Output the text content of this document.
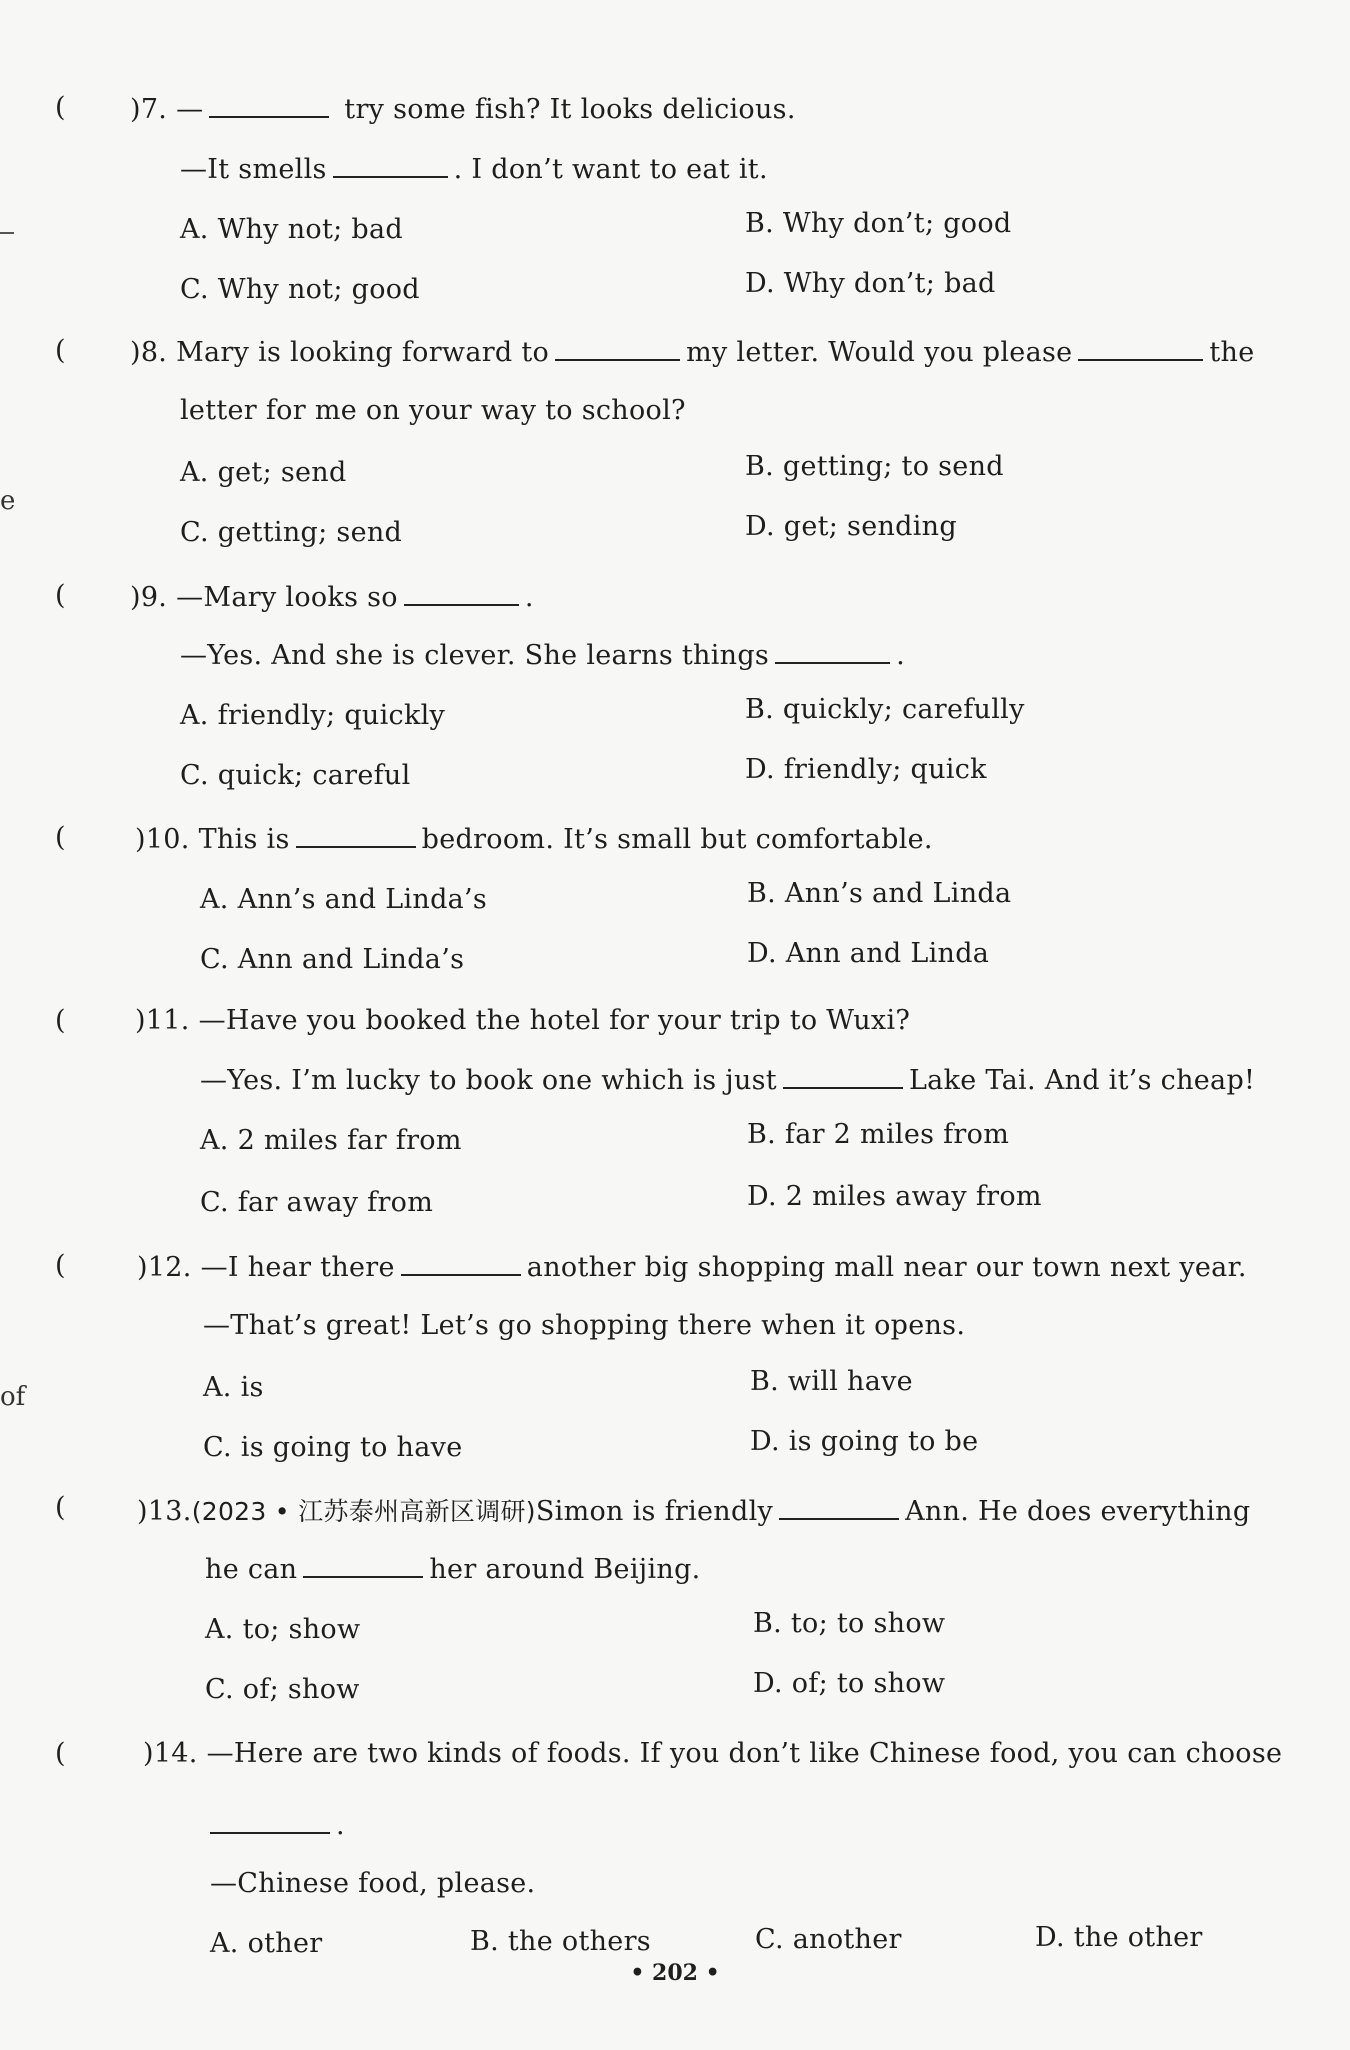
e
of
( )7. —	try some fish? It looks delicious.
—It smells	. I don’t want to eat it.
A. Why not; bad	B. Why don’t; good
C. Why not; good	D. Why don’t; bad
( )8. Mary is looking forward to	my letter. Would you please	the
letter for me on your way to school?
A. get; send	B. getting; to send
C. getting; send	D. get; sending
( )9. —Mary looks so	.
—Yes. And she is clever. She learns things	.
A. friendly; quickly	B. quickly; carefully
C. quick; careful	D. friendly; quick
(	)10. This is	bedroom. It’s small but comfortable.
A. Ann’s and Linda’s	B. Ann’s and Linda
C. Ann and Linda’s	D. Ann and Linda
(	)11. —Have you booked the hotel for your trip to Wuxi?
—Yes. I’m lucky to book one which is just	Lake Tai. And it’s cheap!
A. 2 miles far from	B. far 2 miles from
C. far away from	D. 2 miles away from
(	)12. —I hear there	another big shopping mall near our town next year.
—That’s great! Let’s go shopping there when it opens.
A. is	B. will have
C. is going to have	D. is going to be
(	)13.(2023 • 江苏泰州高新区调研)Simon is friendly	Ann. He does everything
he can	her around Beijing.
A. to; show	B. to; to show
C. of; show	D. of; to show
(	)14. —Here are two kinds of foods. If you don’t like Chinese food, you can choose
.
—Chinese food, please.
A. other	B. the others	C. another	D. the other
• 202 •
